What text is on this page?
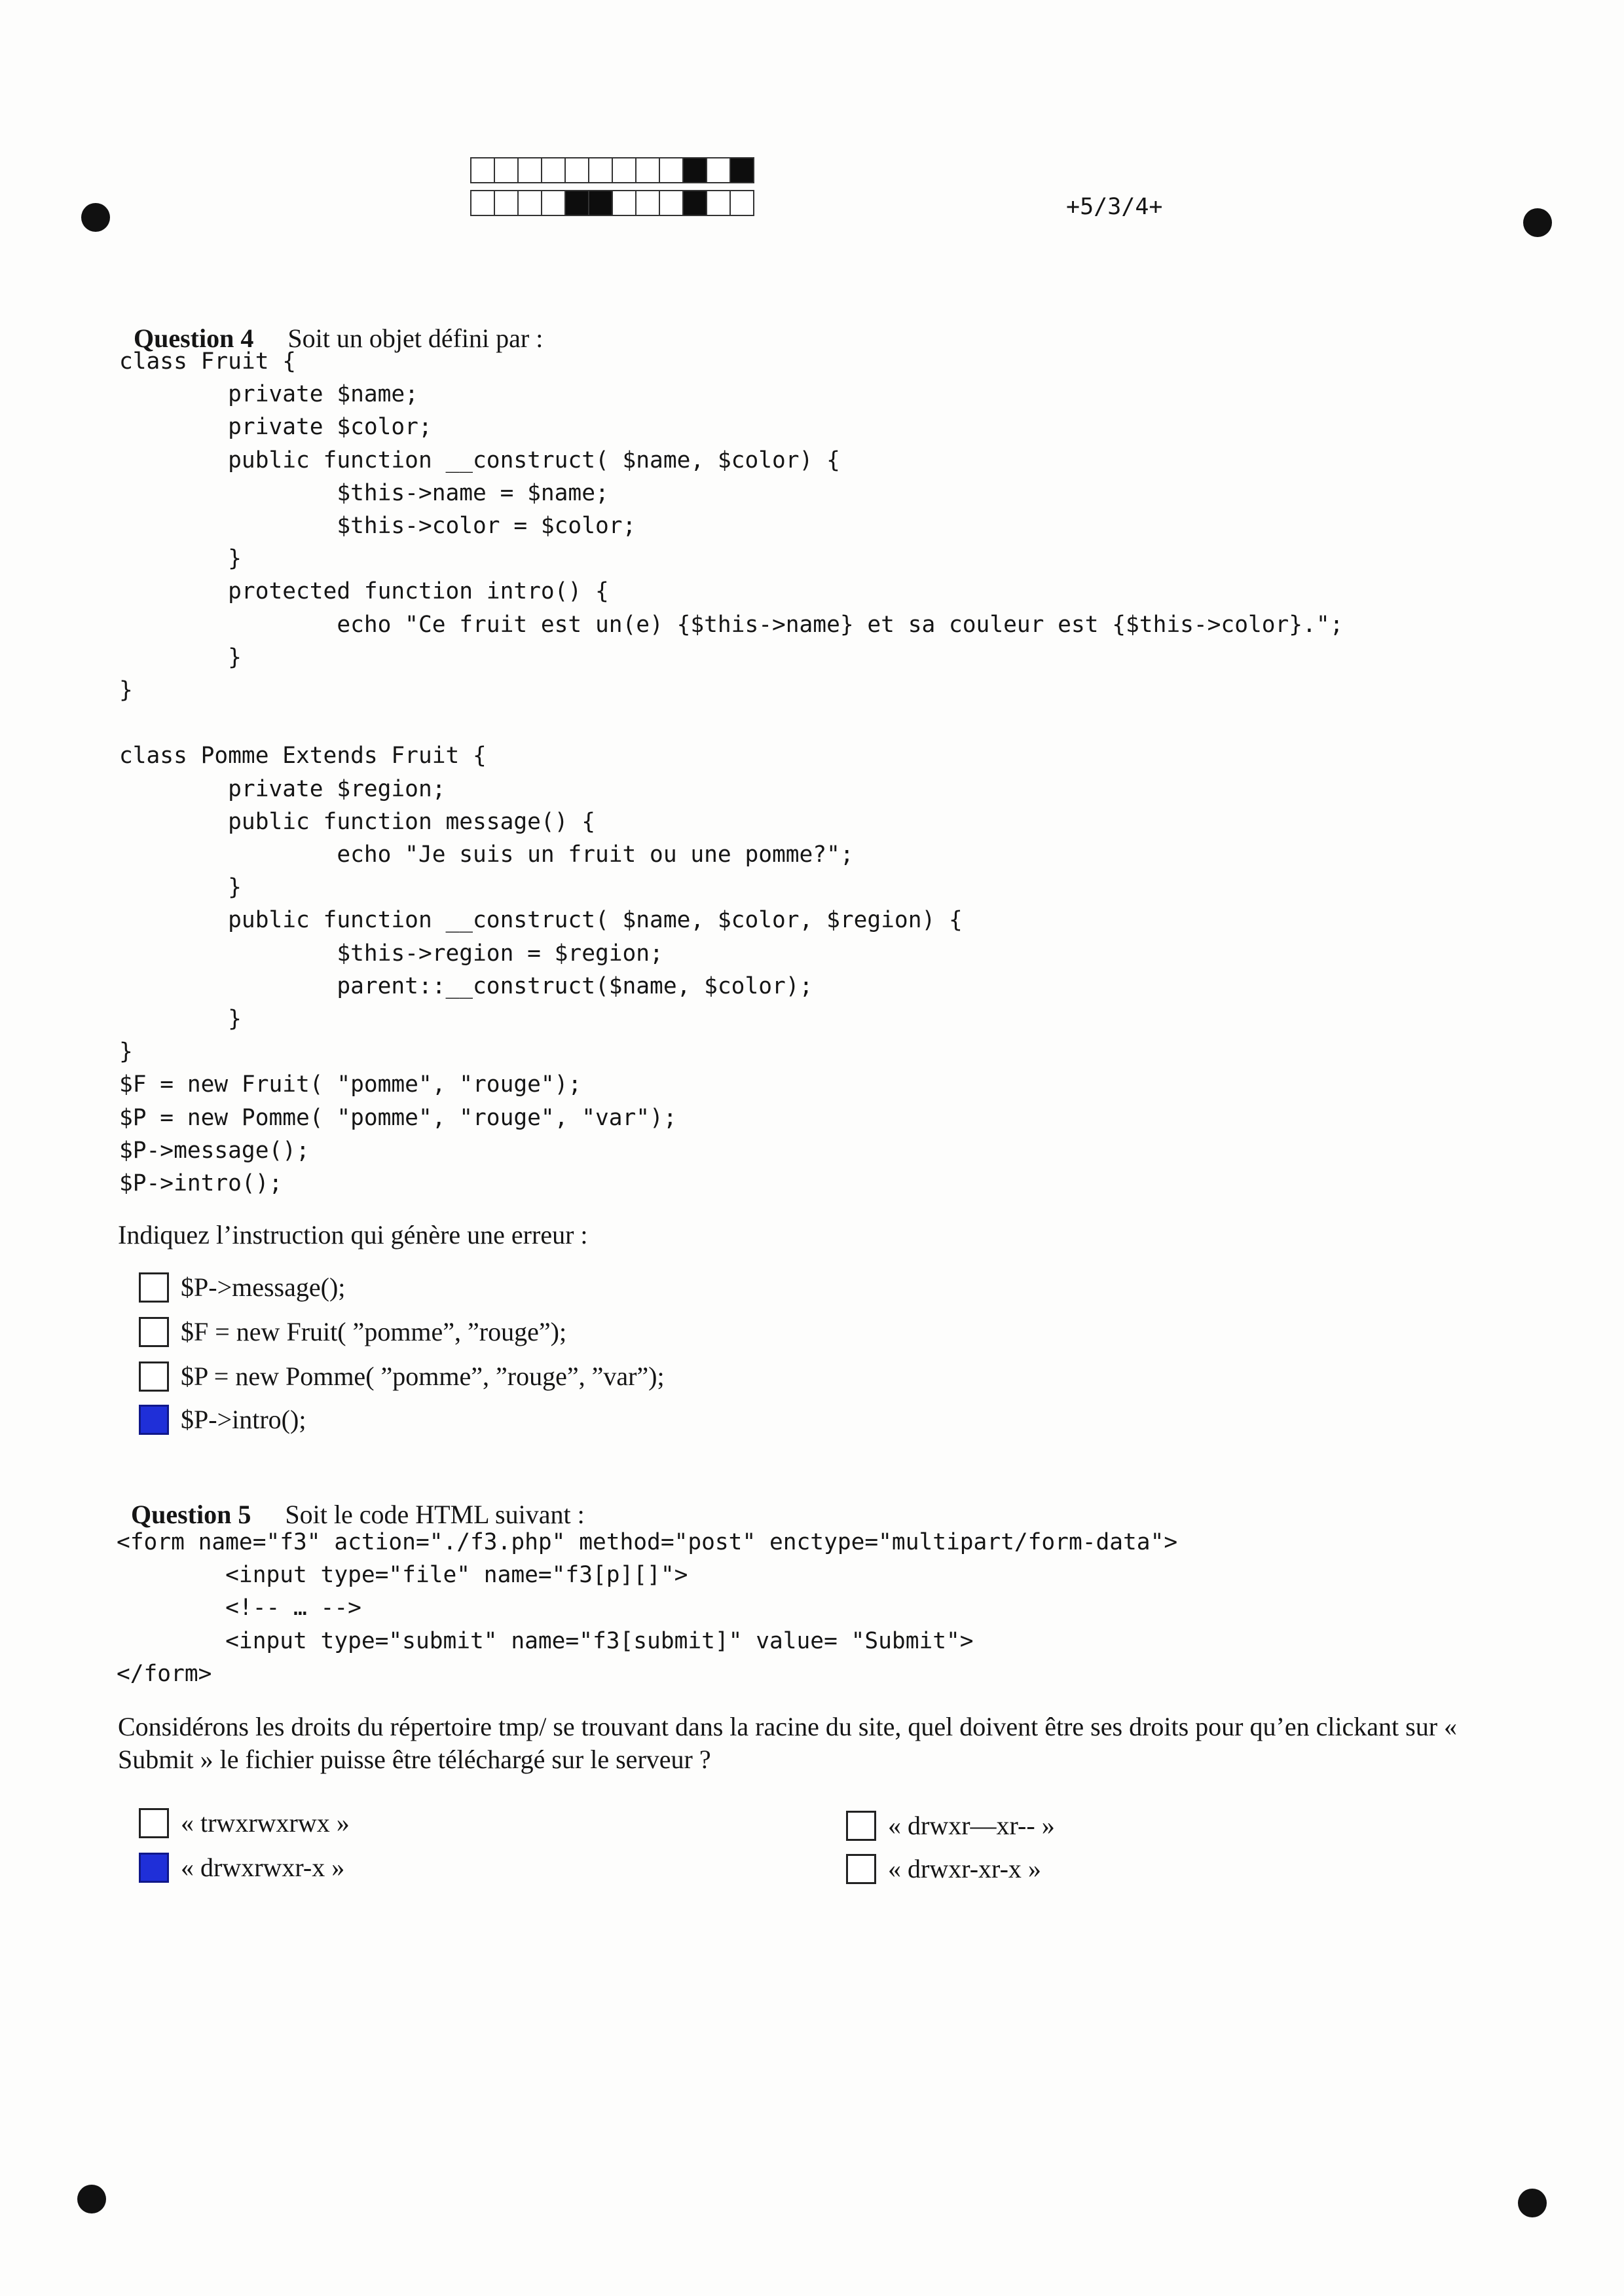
+5/3/4+

Question 4 Soit un objet défini par :

class Fruit {
private $name;
private $color;
public function __construct( $name, $color) {
$this->name = $name;
$this->color = $color;
}
protected function intro() {
echo "Ce fruit est un(e) {$this->name} et sa couleur est {$this->color}.";
}
}

class Pomme Extends Fruit {
private $region;
public function message() {
echo "Je suis un fruit ou une pomme?";
}
public function __construct( $name, $color, $region) {
$this->region = $region;
parent::__construct($name, $color);
}
}
$F = new Fruit( "pomme", "rouge");
$P = new Pomme( "pomme", "rouge", "var");
$P->message();
$P->intro();
Indiquez l’instruction qui génère une erreur :
$P->message();
$F = new Fruit( ”pomme”, ”rouge”);
$P = new Pomme( ”pomme”, ”rouge”, ”var”);
$P->intro();

Question 5 Soit le code HTML suivant :

<form name="f3" action="./f3.php" method="post" enctype="multipart/form-data">
<input type="file" name="f3[p][]">
<!-- … -->
<input type="submit" name="f3[submit]" value= "Submit">
</form>
Considérons les droits du répertoire tmp/ se trouvant dans la racine du site, quel doivent être ses droits pour qu’en clickant sur « Submit » le fichier puisse être téléchargé sur le serveur ?
« trwxrwxrwx »
« drwxrwxr-x »
« drwxr—xr-- »
« drwxr-xr-x »
